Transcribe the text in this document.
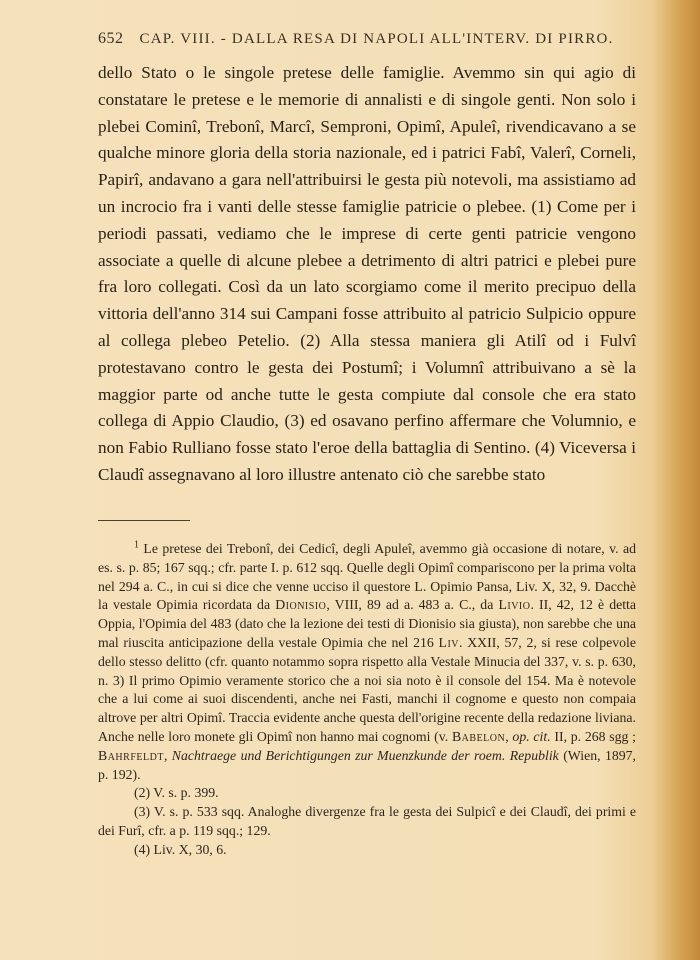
652 CAP. VIII. - DALLA RESA DI NAPOLI ALL'INTERV. DI PIRRO.

dello Stato o le singole pretese delle famiglie. Avemmo sin qui agio di constatare le pretese e le memorie di annalisti e di singole genti. Non solo i plebei Cominî, Trebonî, Marcî, Semproni, Opimî, Apuleî, rivendicavano a se qualche minore gloria della storia nazionale, ed i patrici Fabî, Valerî, Corneli, Papirî, andavano a gara nell'attribuirsi le gesta più notevoli, ma assistiamo ad un incrocio fra i vanti delle stesse famiglie patricie o plebee. (1) Come per i periodi passati, vediamo che le imprese di certe genti patricie vengono associate a quelle di alcune plebee a detrimento di altri patrici e plebei pure fra loro collegati. Così da un lato scorgiamo come il merito precipuo della vittoria dell'anno 314 sui Campani fosse attribuito al patricio Sulpicio oppure al collega plebeo Petelio. (2) Alla stessa maniera gli Atilî od i Fulvî protestavano contro le gesta dei Postumî; i Volumnî attribuivano a sè la maggior parte od anche tutte le gesta compiute dal console che era stato collega di Appio Claudio, (3) ed osavano perfino affermare che Volumnio, e non Fabio Rulliano fosse stato l'eroe della battaglia di Sentino. (4) Viceversa i Claudî assegnavano al loro illustre antenato ciò che sarebbe stato

$^1$ Le pretese dei Trebonî, dei Cedicî, degli Apuleî, avemmo già occasione di notare, v. ad es. s. p. 85; 167 sqq.; cfr. parte I. p. 612 sqq. Quelle degli Opimî compariscono per la prima volta nel 294 a. C., in cui si dice che venne ucciso il questore L. Opimio Pansa, Liv. X, 32, 9. Dacchè la vestale Opimia ricordata da Dionisio, VIII, 89 ad a. 483 a. C., da Livio. II, 42, 12 è detta Oppia, l'Opimia del 483 (dato che la lezione dei testi di Dionisio sia giusta), non sarebbe che una mal riuscita anticipazione della vestale Opimia che nel 216 Liv. XXII, 57, 2, si rese colpevole dello stesso delitto (cfr. quanto notammo sopra rispetto alla Vestale Minucia del 337, v. s. p. 630, n. 3) Il primo Opimio veramente storico che a noi sia noto è il console del 154. Ma è notevole che a lui come ai suoi discendenti, anche nei Fasti, manchi il cognome e questo non compaia altrove per altri Opimî. Traccia evidente anche questa dell'origine recente della redazione liviana. Anche nelle loro monete gli Opimî non hanno mai cognomi (v. Babelon, op. cit. II, p. 268 sgg ; Bahrfeldt, Nachtraege und Berichtigungen zur Muenzkunde der roem. Republik (Wien, 1897, p. 192).

(2) V. s. p. 399.

(3) V. s. p. 533 sqq. Analoghe divergenze fra le gesta dei Sulpicî e dei Claudî, dei primi e dei Furî, cfr. a p. 119 sqq.; 129.

(4) Liv. X, 30, 6.
